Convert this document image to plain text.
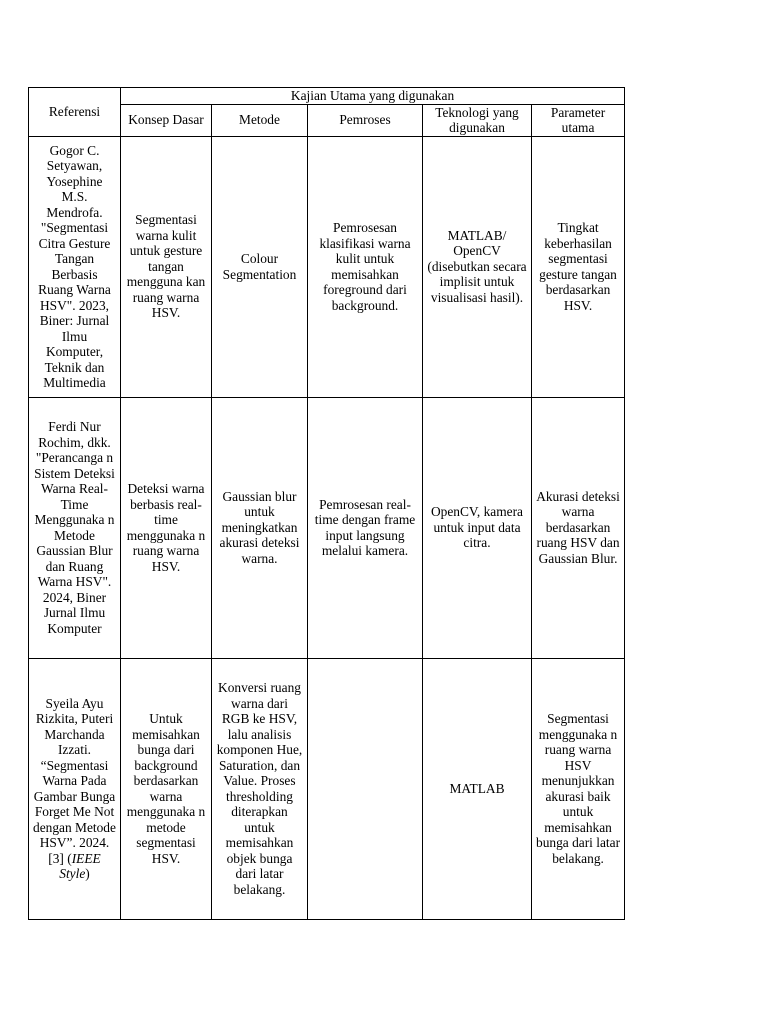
Referensi	Kajian Utama yang digunakan				
	Konsep Dasar	Metode	Pemroses	Teknologi yang digunakan	Parameter utama
Gogor C. Setyawan, Yosephine M.S. Mendrofa. "Segmentasi Citra Gesture Tangan Berbasis Ruang Warna HSV". 2023, Biner: Jurnal Ilmu Komputer, Teknik dan Multimedia	Segmentasi warna kulit untuk gesture tangan mengguna kan ruang warna HSV.	Colour Segmentation	Pemrosesan klasifikasi warna kulit untuk memisahkan foreground dari background.	MATLAB/ OpenCV (disebutkan secara implisit untuk visualisasi hasil).	Tingkat keberhasilan segmentasi gesture tangan berdasarkan HSV.
Ferdi Nur Rochim, dkk. "Perancanga n Sistem Deteksi Warna Real-Time Menggunaka n Metode Gaussian Blur dan Ruang Warna HSV". 2024, Biner Jurnal Ilmu Komputer	Deteksi warna berbasis real-time menggunaka n ruang warna HSV.	Gaussian blur untuk meningkatkan akurasi deteksi warna.	Pemrosesan real-time dengan frame input langsung melalui kamera.	OpenCV, kamera untuk input data citra.	Akurasi deteksi warna berdasarkan ruang HSV dan Gaussian Blur.
Syeila Ayu Rizkita, Puteri Marchanda Izzati. “Segmentasi Warna Pada Gambar Bunga Forget Me Not dengan Metode HSV”. 2024. [3] (IEEE Style)	Untuk memisahkan bunga dari background berdasarkan warna menggunaka n metode segmentasi HSV.	Konversi ruang warna dari RGB ke HSV, lalu analisis komponen Hue, Saturation, dan Value. Proses thresholding diterapkan untuk memisahkan objek bunga dari latar belakang.		MATLAB	Segmentasi menggunaka n ruang warna HSV menunjukkan akurasi baik untuk memisahkan bunga dari latar belakang.
